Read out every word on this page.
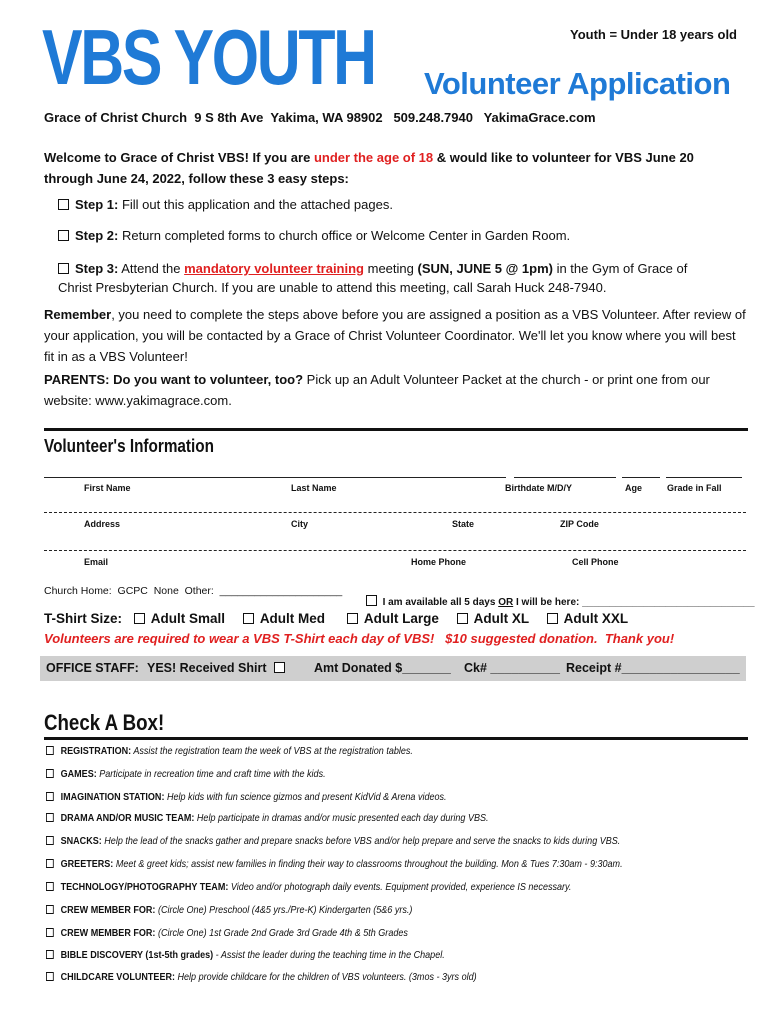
VBS YOUTH Volunteer Application
Youth = Under 18 years old
Grace of Christ Church  9 S 8th Ave  Yakima, WA 98902   509.248.7940   YakimaGrace.com
Welcome to Grace of Christ VBS! If you are under the age of 18 & would like to volunteer for VBS June 20
through June 24, 2022, follow these 3 easy steps:
Step 1: Fill out this application and the attached pages.
Step 2: Return completed forms to church office or Welcome Center in Garden Room.
Step 3: Attend the mandatory volunteer training meeting (SUN, JUNE 5 @ 1pm) in the Gym of Grace of
Christ Presbyterian Church. If you are unable to attend this meeting, call Sarah Huck 248-7940.
Remember, you need to complete the steps above before you are assigned a position as a VBS Volunteer. After review of your application, you will be contacted by a Grace of Christ Volunteer Coordinator. We'll let you know where you will best fit in as a VBS Volunteer!
PARENTS: Do you want to volunteer, too? Pick up an Adult Volunteer Packet at the church - or print one from our website: www.yakimagrace.com.
Volunteer's Information
First Name	Last Name	Birthdate M/D/Y	Age	Grade in Fall
Address	City	State	ZIP Code
Email	Home Phone	Cell Phone
Church Home:  GCPC  None  Other:  _____________________

I am available all 5 days OR I will be here: _______________________________

T-Shirt Size: Adult Small	Adult Med	Adult Large	Adult XL	Adult XXL
Volunteers are required to wear a VBS T-Shirt each day of VBS!   $10 suggested donation.  Thank you!
OFFICE STAFF: YES! Received Shirt	Amt Donated $_______ Ck# __________ Receipt #_________________
Check A Box!
REGISTRATION: Assist the registration team the week of VBS at the registration tables.
GAMES: Participate in recreation time and craft time with the kids.
IMAGINATION STATION: Help kids with fun science gizmos and present KidVid & Arena videos.
DRAMA AND/OR MUSIC TEAM: Help participate in dramas and/or music presented each day during VBS.
SNACKS: Help the lead of the snacks gather and prepare snacks before VBS and/or help prepare and serve the snacks to kids during VBS.
GREETERS: Meet & greet kids; assist new families in finding their way to classrooms throughout the building. Mon & Tues 7:30am - 9:30am.
TECHNOLOGY/PHOTOGRAPHY TEAM: Video and/or photograph daily events. Equipment provided, experience IS necessary.
CREW MEMBER FOR: (Circle One) Preschool (4&5 yrs./Pre-K) Kindergarten (5&6 yrs.)
CREW MEMBER FOR: (Circle One) 1st Grade 2nd Grade 3rd Grade 4th & 5th Grades
BIBLE DISCOVERY (1st-5th grades) - Assist the leader during the teaching time in the Chapel.
CHILDCARE VOLUNTEER: Help provide childcare for the children of VBS volunteers. (3mos - 3yrs old)
